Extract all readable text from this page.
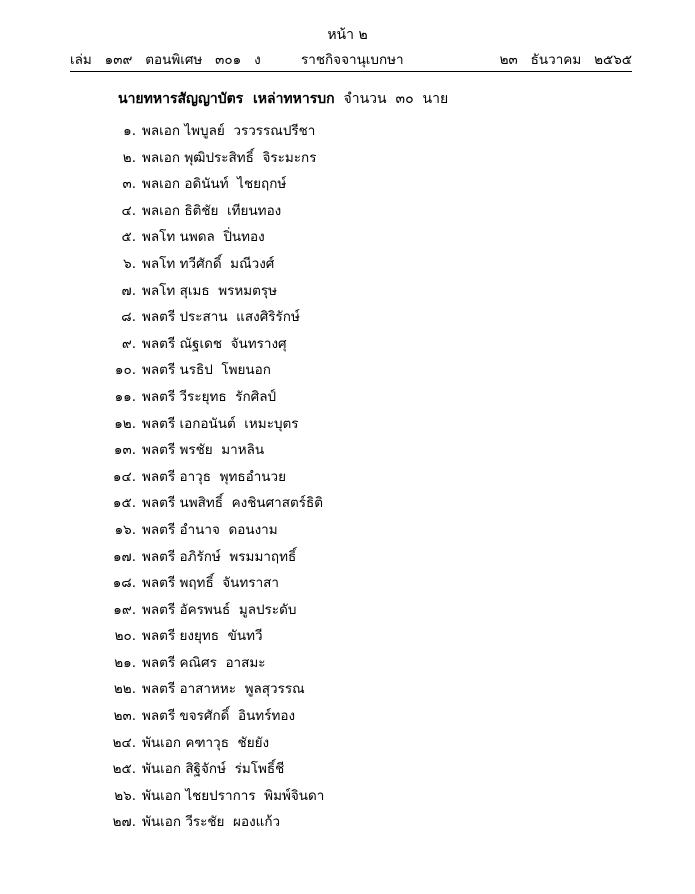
หน้า ๒
เล่ม   ๑๓๙   ตอนพิเศษ   ๓๐๑   ง	ราชกิจจานุเบกษา	๒๓   ธันวาคม   ๒๕๖๕
นายทหารสัญญาบัตร  เหล่าทหารบก  จำนวน  ๓๐  นาย
๑. พลเอก ไพบูลย์  วรวรรณปรีชา
๒. พลเอก พุฒิประสิทธิ์  จิระมะกร
๓. พลเอก อดินันท์  ไชยฤกษ์
๔. พลเอก ธิติชัย  เทียนทอง
๕. พลโท นพดล  ปิ่นทอง
๖. พลโท ทวีศักดิ์  มณีวงศ์
๗. พลโท สุเมธ  พรหมตรุษ
๘. พลตรี ประสาน  แสงศิริรักษ์
๙. พลตรี ณัฐเดช  จันทรางศุ
๑๐. พลตรี นรธิป  โพยนอก
๑๑. พลตรี วีระยุทธ  รักศิลป์
๑๒. พลตรี เอกอนันต์  เหมะบุตร
๑๓. พลตรี พรชัย  มาหลิน
๑๔. พลตรี อาวุธ  พุทธอำนวย
๑๕. พลตรี นพสิทธิ์  คงชินศาสตร์ธิติ
๑๖. พลตรี อำนาจ  ดอนงาม
๑๗. พลตรี อภิรักษ์  พรมมาฤทธิ์
๑๘. พลตรี พฤทธิ์  จันทราสา
๑๙. พลตรี อัครพนธ์  มูลประดับ
๒๐. พลตรี ยงยุทธ  ขันทวี
๒๑. พลตรี คณิศร  อาสมะ
๒๒. พลตรี อาสาหหะ  พูลสุวรรณ
๒๓. พลตรี ขจรศักดิ์  อินทร์ทอง
๒๔. พันเอก คฑาวุธ  ชัยยัง
๒๕. พันเอก สิฐิจักษ์  ร่มโพธิ์ชี
๒๖. พันเอก ไชยปราการ  พิมพ์จินดา
๒๗. พันเอก วีระชัย  ผองแก้ว
